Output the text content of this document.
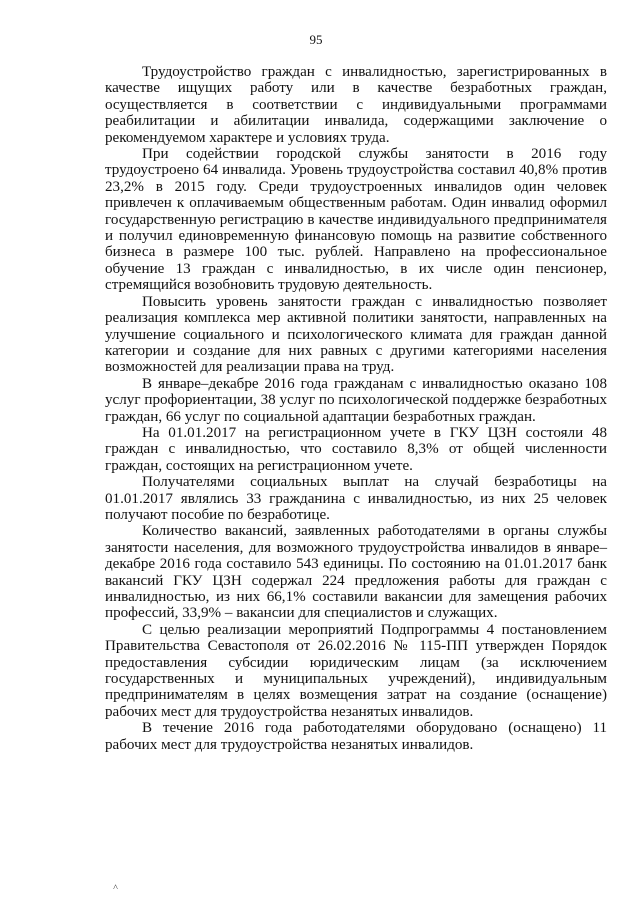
95

Трудоустройство граждан с инвалидностью, зарегистрированных в качестве ищущих работу или в качестве безработных граждан, осуществляется в соответствии с индивидуальными программами реабилитации и абилитации инвалида, содержащими заключение о рекомендуемом характере и условиях труда.

При содействии городской службы занятости в 2016 году трудоустроено 64 инвалида. Уровень трудоустройства составил 40,8% против 23,2% в 2015 году. Среди трудоустроенных инвалидов один человек привлечен к оплачиваемым общественным работам. Один инвалид оформил государственную регистрацию в качестве индивидуального предпринимателя и получил единовременную финансовую помощь на развитие собственного бизнеса в размере 100 тыс. рублей. Направлено на профессиональное обучение 13 граждан с инвалидностью, в их числе один пенсионер, стремящийся возобновить трудовую деятельность.

Повысить уровень занятости граждан с инвалидностью позволяет реализация комплекса мер активной политики занятости, направленных на улучшение социального и психологического климата для граждан данной категории и создание для них равных с другими категориями населения возможностей для реализации права на труд.

В январе–декабре 2016 года гражданам с инвалидностью оказано 108 услуг профориентации, 38 услуг по психологической поддержке безработных граждан, 66 услуг по социальной адаптации безработных граждан.

На 01.01.2017 на регистрационном учете в ГКУ ЦЗН состояли 48 граждан с инвалидностью, что составило 8,3% от общей численности граждан, состоящих на регистрационном учете.

Получателями социальных выплат на случай безработицы на 01.01.2017 являлись 33 гражданина с инвалидностью, из них 25 человек получают пособие по безработице.

Количество вакансий, заявленных работодателями в органы службы занятости населения, для возможного трудоустройства инвалидов в январе–декабре 2016 года составило 543 единицы. По состоянию на 01.01.2017 банк вакансий ГКУ ЦЗН содержал 224 предложения работы для граждан с инвалидностью, из них 66,1% составили вакансии для замещения рабочих профессий, 33,9% – вакансии для специалистов и служащих.

С целью реализации мероприятий Подпрограммы 4 постановлением Правительства Севастополя от 26.02.2016 № 115-ПП утвержден Порядок предоставления субсидии юридическим лицам (за исключением государственных и муниципальных учреждений), индивидуальным предпринимателям в целях возмещения затрат на создание (оснащение) рабочих мест для трудоустройства незанятых инвалидов.

В течение 2016 года работодателями оборудовано (оснащено) 11 рабочих мест для трудоустройства незанятых инвалидов.

˄
